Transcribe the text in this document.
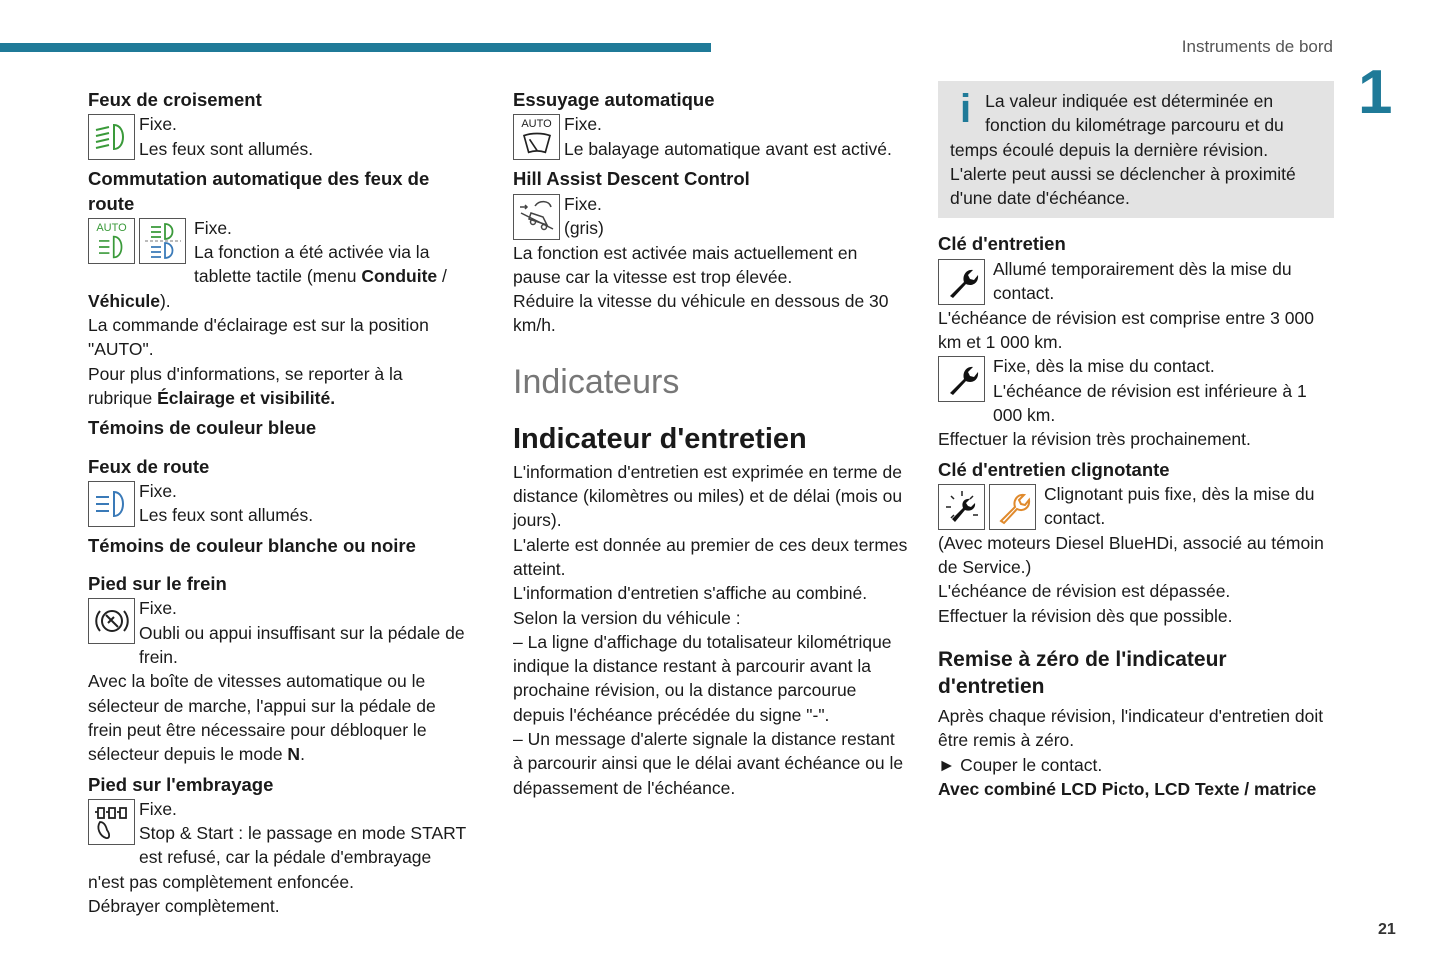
Instruments de bord
1
21

Feux de croisement

Fixe.

Les feux sont allumés.

Commutation automatique des feux de route

AUTO	Fixe.

La fonction a été activée via la

tablette tactile (menu Conduite / Véhicule).

La commande d'éclairage est sur la position "AUTO".

Pour plus d'informations, se reporter à la rubrique Éclairage et visibilité.

Témoins de couleur bleue

Feux de route

Fixe.

Les feux sont allumés.

Témoins de couleur blanche ou noire

Pied sur le frein

Fixe.

Oubli ou appui insuffisant sur la pédale de frein.

Avec la boîte de vitesses automatique ou le sélecteur de marche, l'appui sur la pédale de frein peut être nécessaire pour débloquer le sélecteur depuis le mode N.

Pied sur l'embrayage

Fixe.

Stop & Start : le passage en mode START est refusé, car la pédale d'embrayage n'est pas complètement enfoncée.

Débrayer complètement.

Essuyage automatique

AUTO Fixe.

Le balayage automatique avant est activé.

Hill Assist Descent Control

Fixe.

(gris)

La fonction est activée mais actuellement en pause car la vitesse est trop élevée.

Réduire la vitesse du véhicule en dessous de 30 km/h.

Indicateurs
Indicateur d'entretien

L'information d'entretien est exprimée en terme de distance (kilomètres ou miles) et de délai (mois ou jours).

L'alerte est donnée au premier de ces deux termes atteint.

L'information d'entretien s'affiche au combiné.

Selon la version du véhicule :

– La ligne d'affichage du totalisateur kilométrique indique la distance restant à parcourir avant la prochaine révision, ou la distance parcourue depuis l'échéance précédée du signe "-".

– Un message d'alerte signale la distance restant à parcourir ainsi que le délai avant échéance ou le dépassement de l'échéance.

i La valeur indiquée est déterminée en fonction du kilométrage parcouru et du temps écoulé depuis la dernière révision. L'alerte peut aussi se déclencher à proximité d'une date d'échéance.

Clé d'entretien

Allumé temporairement dès la mise du contact.

L'échéance de révision est comprise entre 3 000 km et 1 000 km.

Fixe, dès la mise du contact.

L'échéance de révision est inférieure à 1 000 km.

Effectuer la révision très prochainement.

Clé d'entretien clignotante

Clignotant puis fixe, dès la mise du contact.

(Avec moteurs Diesel BlueHDi, associé au témoin de Service.)

L'échéance de révision est dépassée.

Effectuer la révision dès que possible.

Remise à zéro de l'indicateur d'entretien

Après chaque révision, l'indicateur d'entretien doit être remis à zéro.

► Couper le contact.

Avec combiné LCD Picto, LCD Texte / matrice
